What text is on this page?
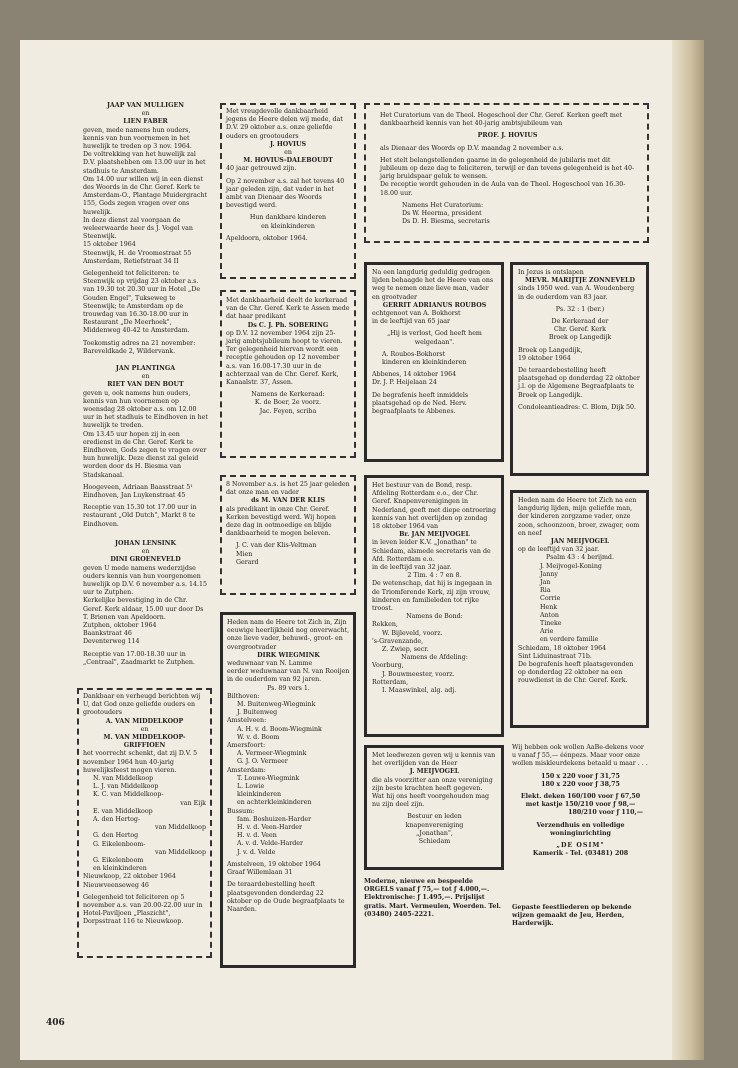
JAAP VAN MULLIGEN

en

LIEN FABER

geven, mede namens hun ouders, kennis van hun voornemen in het huwelijk te treden op 3 nov. 1964.

De voltrekking van het huwelijk zal D.V. plaatshebben om 13.00 uur in het stadhuis te Amsterdam.

Om 14.00 uur willen wij in een dienst des Woords in de Chr. Geref. Kerk te Amsterdam-O., Plantage Muidergracht 155, Gods zegen vragen over ons huwelijk.

In deze dienst zal voorgaan de weleerwaarde heer ds J. Vogel van Steenwijk.

15 oktober 1964

Steenwijk, H. de Vroomestraat 55

Amsterdam, Retiefstraat 34 II

Gelegenheid tot feliciteren: te Steenwijk op vrijdag 23 oktober a.s. van 19.30 tot 20.30 uur in Hotel „De Gouden Engel", Tukseweg te Steenwijk; te Amsterdam op de trouwdag van 16.30-18.00 uur in Restaurant „De Meerhoek", Middenweg 40-42 te Amsterdam.

Toekomstig adres na 21 november: Bareveldkade 2, Wildervank.

JAN PLANTINGA

en

RIET VAN DEN BOUT

geven u, ook namens hun ouders, kennis van hun voornemen op woensdag 28 oktober a.s. om 12.00 uur in het stadhuis te Eindhoven in het huwelijk te treden.

Om 13.45 uur hopen zij in een eredienst in de Chr. Geref. Kerk te Eindhoven, Gods zegen te vragen over hun huwelijk. Deze dienst zal geleid worden door ds H. Biesma van Stadskanaal.

Hoogeveen, Adriaan Baasstraat 5¹

Eindhoven, Jan Luykenstraat 45

Receptie van 15.30 tot 17.00 uur in restaurant „Old Dutch", Markt 8 te Eindhoven.

JOHAN LENSINK

en

DINI GROENEVELD

geven U mede namens wederzijdse ouders kennis van hun voorgenomen huwelijk op D.V. 6 november a.s. 14.15 uur te Zutphen.

Kerkelijke bevestiging in de Chr. Geref. Kerk aldaar, 15.00 uur door Ds T. Brienen van Apeldoorn.

Zutphen, oktober 1964

Baankstraat 46

Deventerweg 114

Receptie van 17.00-18.30 uur in „Centraal", Zaadmarkt te Zutphen.

Dankbaar en verheugd berichten wij U, dat God onze geliefde ouders en grootouders

A. VAN MIDDELKOOP

en

M. VAN MIDDELKOOP-GRIFFIOEN

het voorrecht schenkt, dat zij D.V. 5 november 1964 hun 40-jarig huwelijksfeest mogen vieren.

N. van Middelkoop

L. J. van Middelkoop

K. C. van Middelkoop-

van Eijk

E. van Middelkoop

A. den Hertog-

van Middelkoop

G. den Hertog

G. Eikelenboom-

van Middelkoop

G. Eikelenboom

en kleinkinderen

Nieuwkoop, 22 oktober 1964

Nieuwveenseweg 46

Gelegenheid tot feliciteren op 5 november a.s. van 20.00-22.00 uur in Hotel-Paviljoen „Plaszicht", Dorpsstraat 116 te Nieuwkoop.

Met vreugdevolle dankbaarheid jegens de Heere delen wij mede, dat D.V. 29 oktober a.s. onze geliefde ouders en grootouders

J. HOVIUS

en

M. HOVIUS-DALEBOUDT

40 jaar getrouwd zijn.

Op 2 november a.s. zal het tevens 40 jaar geleden zijn, dat vader in het ambt van Dienaar des Woords bevestigd werd.

Hun dankbare kinderen

en kleinkinderen

Apeldoorn, oktober 1964.

Met dankbaarheid deelt de kerkeraad van de Chr. Geref. Kerk te Assen mede dat haar predikant

Ds C. J. Ph. SOBERING

op D.V. 12 november 1964 zijn 25-jarig ambtsjubileum hoopt te vieren.

Ter gelegenheid hiervan wordt een receptie gehouden op 12 november a.s. van 16.00-17.30 uur in de achterzaal van de Chr. Geref. Kerk, Kanaalstr. 37, Assen.

Namens de Kerkeraad:

K. de Boer, 2e voorz.

Jac. Feyen, scriba

8 November a.s. is het 25 jaar geleden dat onze man en vader

ds M. VAN DER KLIS

als predikant in onze Chr. Geref. Kerken bevestigd werd. Wij hopen deze dag in ootmoedige en blijde dankbaarheid te mogen beleven.

J. C. van der Klis-Veltman

Mien

Gerard

Heden nam de Heere tot Zich in, Zijn eeuwige heerlijkheid nog onverwacht, onze lieve vader, behuwd-, groot- en overgrootvader

DIRK WIEGMINK

weduwnaar van N. Lamme

eerder weduwnaar van N. van Rooijen

in de ouderdom van 92 jaren.

Ps. 89 vers 1.

Bilthoven:

M. Buitenweg-Wiegmink

J. Buitenweg

Amstelveen:

A. H. v. d. Boom-Wiegmink

W. v. d. Boom

Amersfoort:

A. Vermeer-Wiegmink

G. J. O. Vermeer

Amsterdam:

T. Louwe-Wiegmink

L. Lowie

kleinkinderen

en achterkleinkinderen

Bussum:

fam. Boshuizen-Harder

H. v. d. Veen-Harder

H. v. d. Veen

A. v. d. Velde-Harder

J. v. d. Velde

Amstelveen, 19 oktober 1964

Graaf Willemlaan 31

De teraardebestelling heeft plaatsgevonden donderdag 22 oktober op de Oude begraafplaats te Naarden.

Het Curatorium van de Theol. Hogeschool der Chr. Geref. Kerken geeft met dankbaarheid kennis van het 40-jarig ambtsjubileum van

PROF. J. HOVIUS

als Dienaar des Woords op D.V. maandag 2 november a.s.

Het stelt belangstellenden gaarne in de gelegenheid de jubilaris met dit jubileum op deze dag te feliciteren, terwijl er dan tevens gelegenheid is het 40-jarig bruidspaar geluk te wensen.

De receptie wordt gehouden in de Aula van de Theol. Hogeschool van 16.30-18.00 uur.

Namens Het Curatorium:

Ds W. Heerma, president

Ds D. H. Biesma, secretaris

Na een langdurig geduldig gedragen lijden behaagde het de Heere van ons weg te nemen onze lieve man, vader en grootvader

GERRIT ADRIANUS ROUBOS

echtgenoot van A. Bokhorst

in de leeftijd van 65 jaar

„Hij is verlost, God heeft hem welgedaan".

A. Roubos-Bokhorst

kinderen en kleinkinderen

Abbenes, 14 oktober 1964

Dr. J. P. Heijelaan 24

De begrafenis heeft inmiddels plaatsgehad op de Ned. Herv. begraafplaats te Abbenes.

In Jezus is ontslapen

MEVR. MARIJTJE ZONNEVELD

sinds 1950 wed. van A. Woudenberg

in de ouderdom van 83 jaar.

Ps. 32 : 1 (ber.)

De Kerkeraad der

Chr. Geref. Kerk

Broek op Langedijk

Broek op Langedijk,

19 oktober 1964

De teraardebestelling heeft plaatsgehad op donderdag 22 oktober j.l. op de Algemene Begraafplaats te Broek op Langedijk.

Condoleantieadres: C. Blom, Dijk 50.

Het bestuur van de Bond, resp. Afdeling Rotterdam e.o., der Chr. Geref. Knapenverenigingen in Nederland, geeft met diepe ontroering kennis van het overlijden op zondag 18 oktober 1964 van

Br. JAN MEIJVOGEL

in leven leider K.V. „Jonathan" te Schiedam, alsmede secretaris van de Afd. Rotterdam e.o.

in de leeftijd van 32 jaar.

2 Tim. 4 : 7 en 8.

De wetenschap, dat hij is ingegaan in de Triomferende Kerk, zij zijn vrouw, kinderen en familieleden tot rijke troost.

Namens de Bond:

Rekken,

W. Bijleveld, voorz.

's-Gravenzande,

Z. Zwiep, secr.

Namens de Afdeling:

Voorburg,

J. Bouwmeester, voorz.

Rotterdam,

I. Maaswinkel, alg. adj.

Heden nam de Heere tot Zich na een langdurig lijden, mijn geliefde man, der kinderen zorgzame vader, onze zoon, schoonzoon, broer, zwager, oom en neef

JAN MEIJVOGEL

op de leeftijd van 32 jaar.

Psalm 43 : 4 berijmd.

J. Meijvogel-Koning

Janny

Jan

Ria

Corrie

Henk

Anton

Tineke

Arie

en verdere familie

Schiedam, 18 oktober 1964

Sint Liduinastraat 71b.

De begrafenis heeft plaatsgevonden op donderdag 22 oktober na een rouwdienst in de Chr. Geref. Kerk.

Met leedwezen geven wij u kennis van het overlijden van de Heer

J. MEIJVOGEL

die als voorzitter aan onze vereniging zijn beste krachten heeft gegeven.

Wat hij ons heeft voorgehouden mag nu zijn deel zijn.

Bestuur en leden

knapenvereniging

„Jonathan",

Schiedam

Moderne, nieuwe en bespeelde ORGELS vanaf ƒ 75,— tot ƒ 4.000,—. Elektronische: ƒ 1.495,—. Prijslijst gratis. Mart. Vermeulen, Woerden. Tel. (03480) 2405-2221.

Wij hebben ook wollen AaBe-dekens voor u vanaf ƒ 55,— éénpezs. Maar voor onze wollen miskleurdekens betaald u maar . . .

150 x 220 voor ƒ 31,75

180 x 220 voor ƒ 38,75

Elekt. deken 160/100 voor ƒ 67,50

met kastje 150/210 voor ƒ 98,—

180/210 voor ƒ 110,—

Verzendhuis en volledige

woninginrichting

„DE OSIM"

Kamerik - Tel. (03481) 208

Gepaste feestliederen op bekende wijzen gemaakt de Jeu, Herden, Harderwijk.

406
